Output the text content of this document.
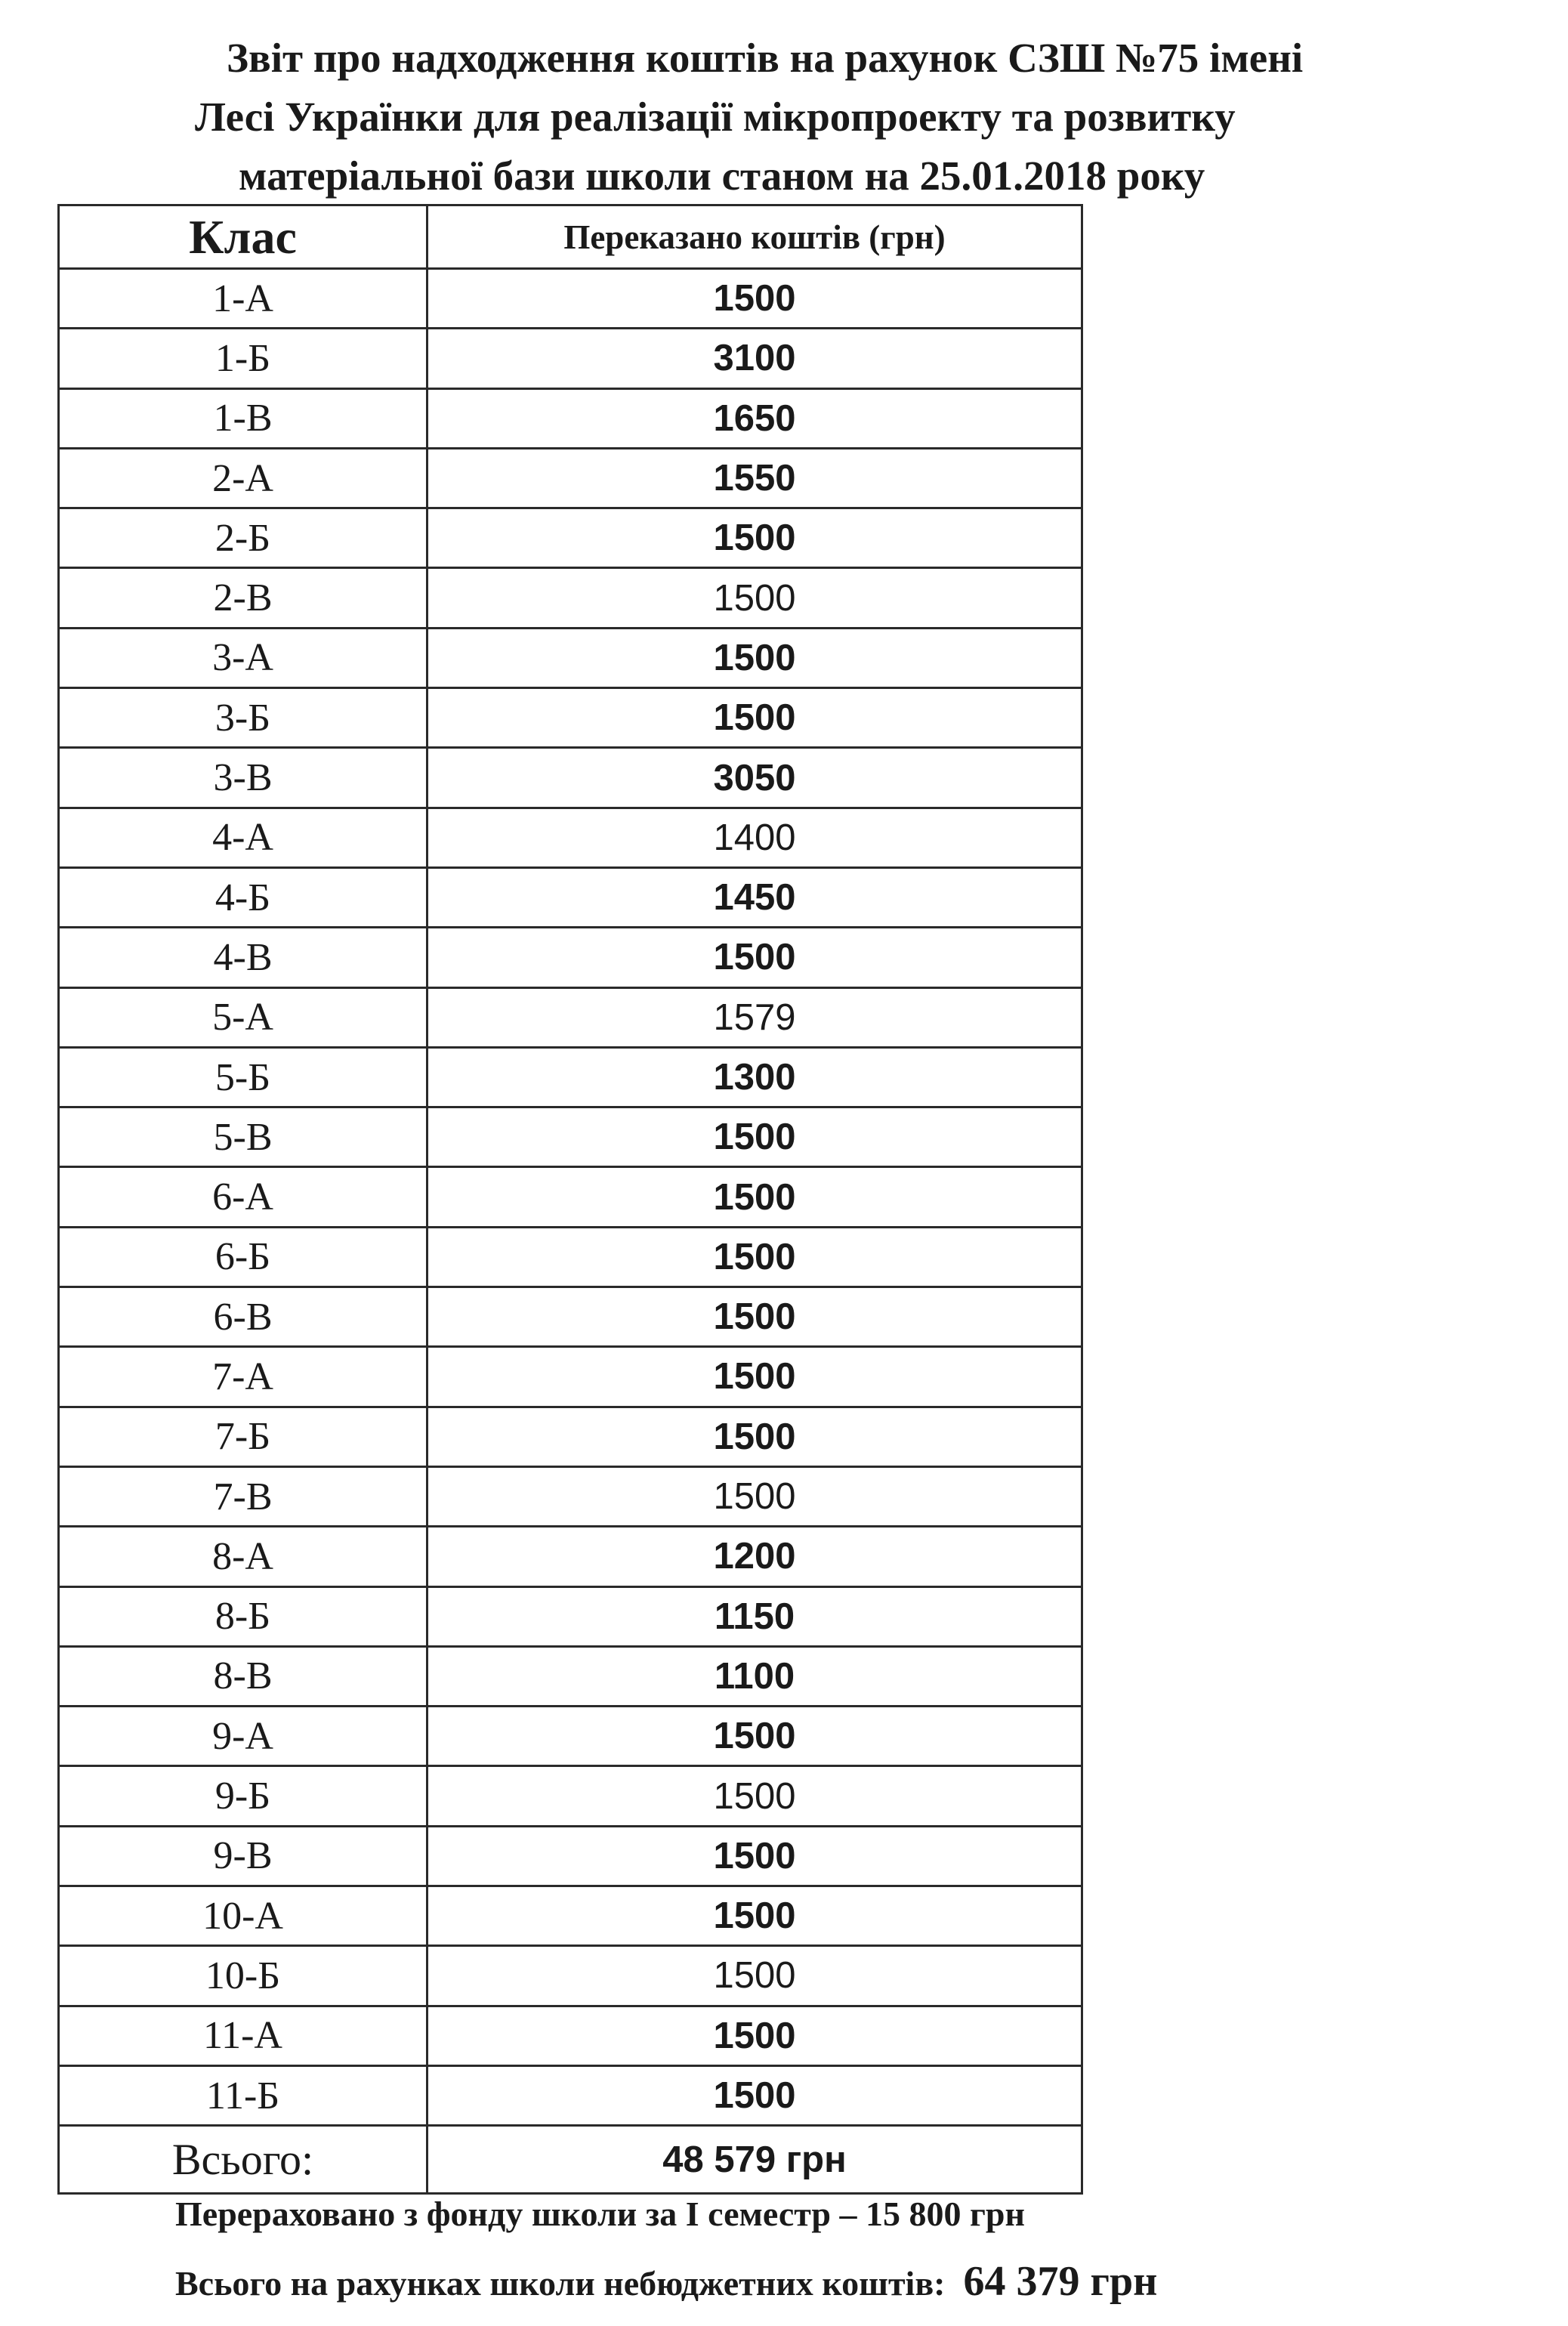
Звіт про надходження коштів на рахунок СЗШ №75 імені
Лесі Українки для реалізації мікропроекту та розвитку
матеріальної бази школи станом на 25.01.2018 року
Клас	Переказано коштів (грн)
1-А	1500
1-Б	3100
1-В	1650
2-А	1550
2-Б	1500
2-В	1500
3-А	1500
3-Б	1500
3-В	3050
4-А	1400
4-Б	1450
4-В	1500
5-А	1579
5-Б	1300
5-В	1500
6-А	1500
6-Б	1500
6-В	1500
7-А	1500
7-Б	1500
7-В	1500
8-А	1200
8-Б	1150
8-В	1100
9-А	1500
9-Б	1500
9-В	1500
10-А	1500
10-Б	1500
11-А	1500
11-Б	1500
Всього:	48 579 грн
Перераховано з фонду школи за І семестр – 15 800 грн
Всього на рахунках школи небюджетних коштів: 64 379 грн
